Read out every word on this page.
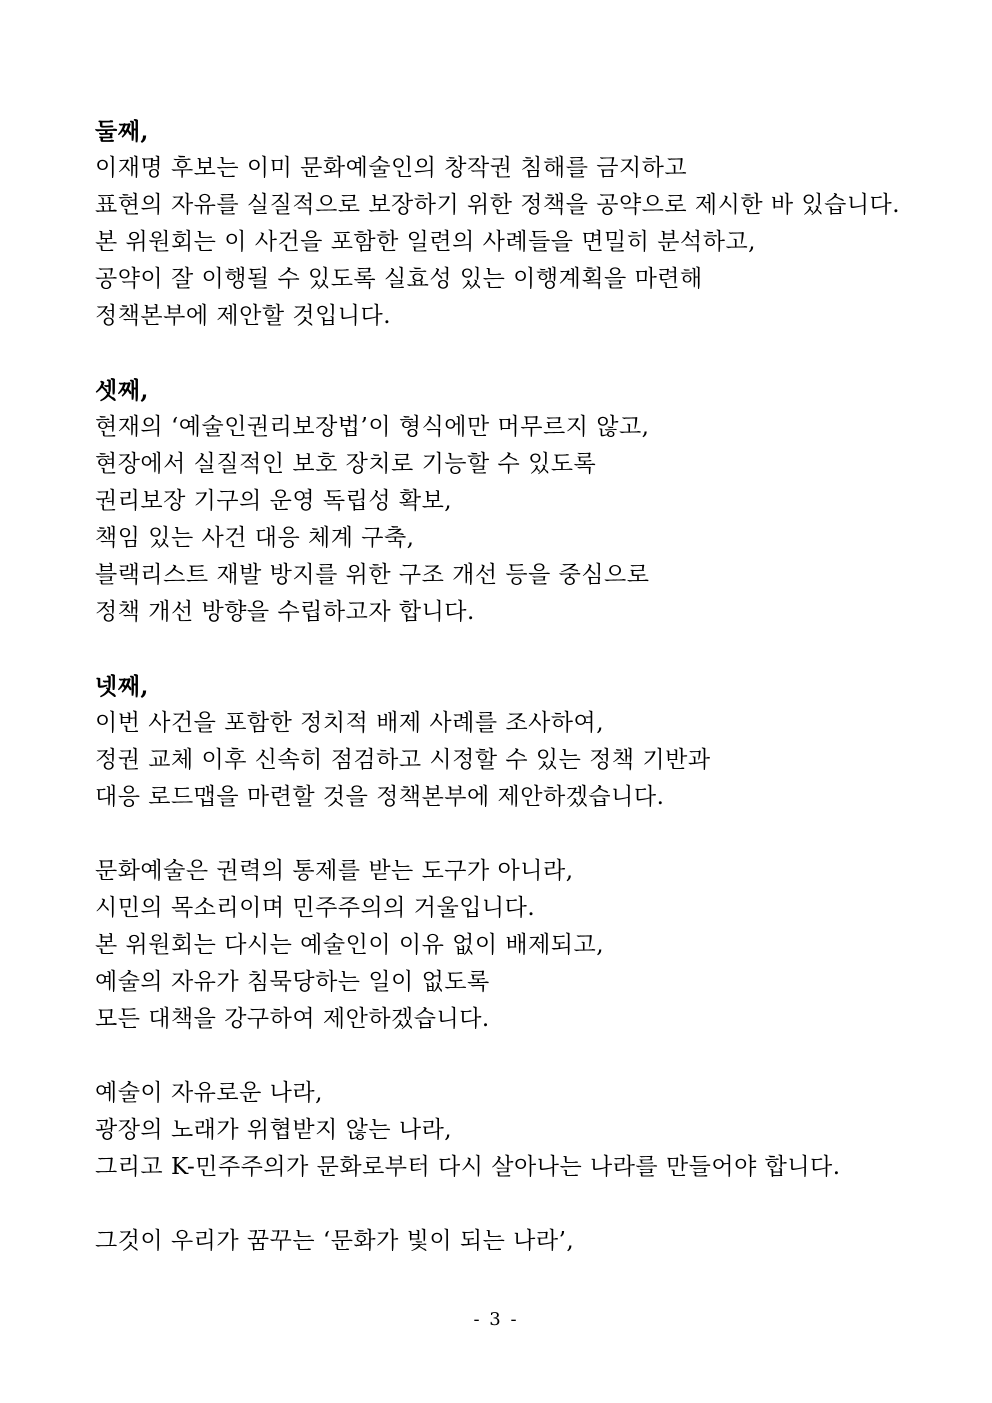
둘째,
이재명 후보는 이미 문화예술인의 창작권 침해를 금지하고
표현의 자유를 실질적으로 보장하기 위한 정책을 공약으로 제시한 바 있습니다.
본 위원회는 이 사건을 포함한 일련의 사례들을 면밀히 분석하고,
공약이 잘 이행될 수 있도록 실효성 있는 이행계획을 마련해
정책본부에 제안할 것입니다.
셋째,
현재의 ‘예술인권리보장법’이 형식에만 머무르지 않고,
현장에서 실질적인 보호 장치로 기능할 수 있도록
권리보장 기구의 운영 독립성 확보,
책임 있는 사건 대응 체계 구축,
블랙리스트 재발 방지를 위한 구조 개선 등을 중심으로
정책 개선 방향을 수립하고자 합니다.
넷째,
이번 사건을 포함한 정치적 배제 사례를 조사하여,
정권 교체 이후 신속히 점검하고 시정할 수 있는 정책 기반과
대응 로드맵을 마련할 것을 정책본부에 제안하겠습니다.
문화예술은 권력의 통제를 받는 도구가 아니라,
시민의 목소리이며 민주주의의 거울입니다.
본 위원회는 다시는 예술인이 이유 없이 배제되고,
예술의 자유가 침묵당하는 일이 없도록
모든 대책을 강구하여 제안하겠습니다.
예술이 자유로운 나라,
광장의 노래가 위협받지 않는 나라,
그리고 K-민주주의가 문화로부터 다시 살아나는 나라를 만들어야 합니다.
그것이 우리가 꿈꾸는 ‘문화가 빛이 되는 나라’,
- 3 -
